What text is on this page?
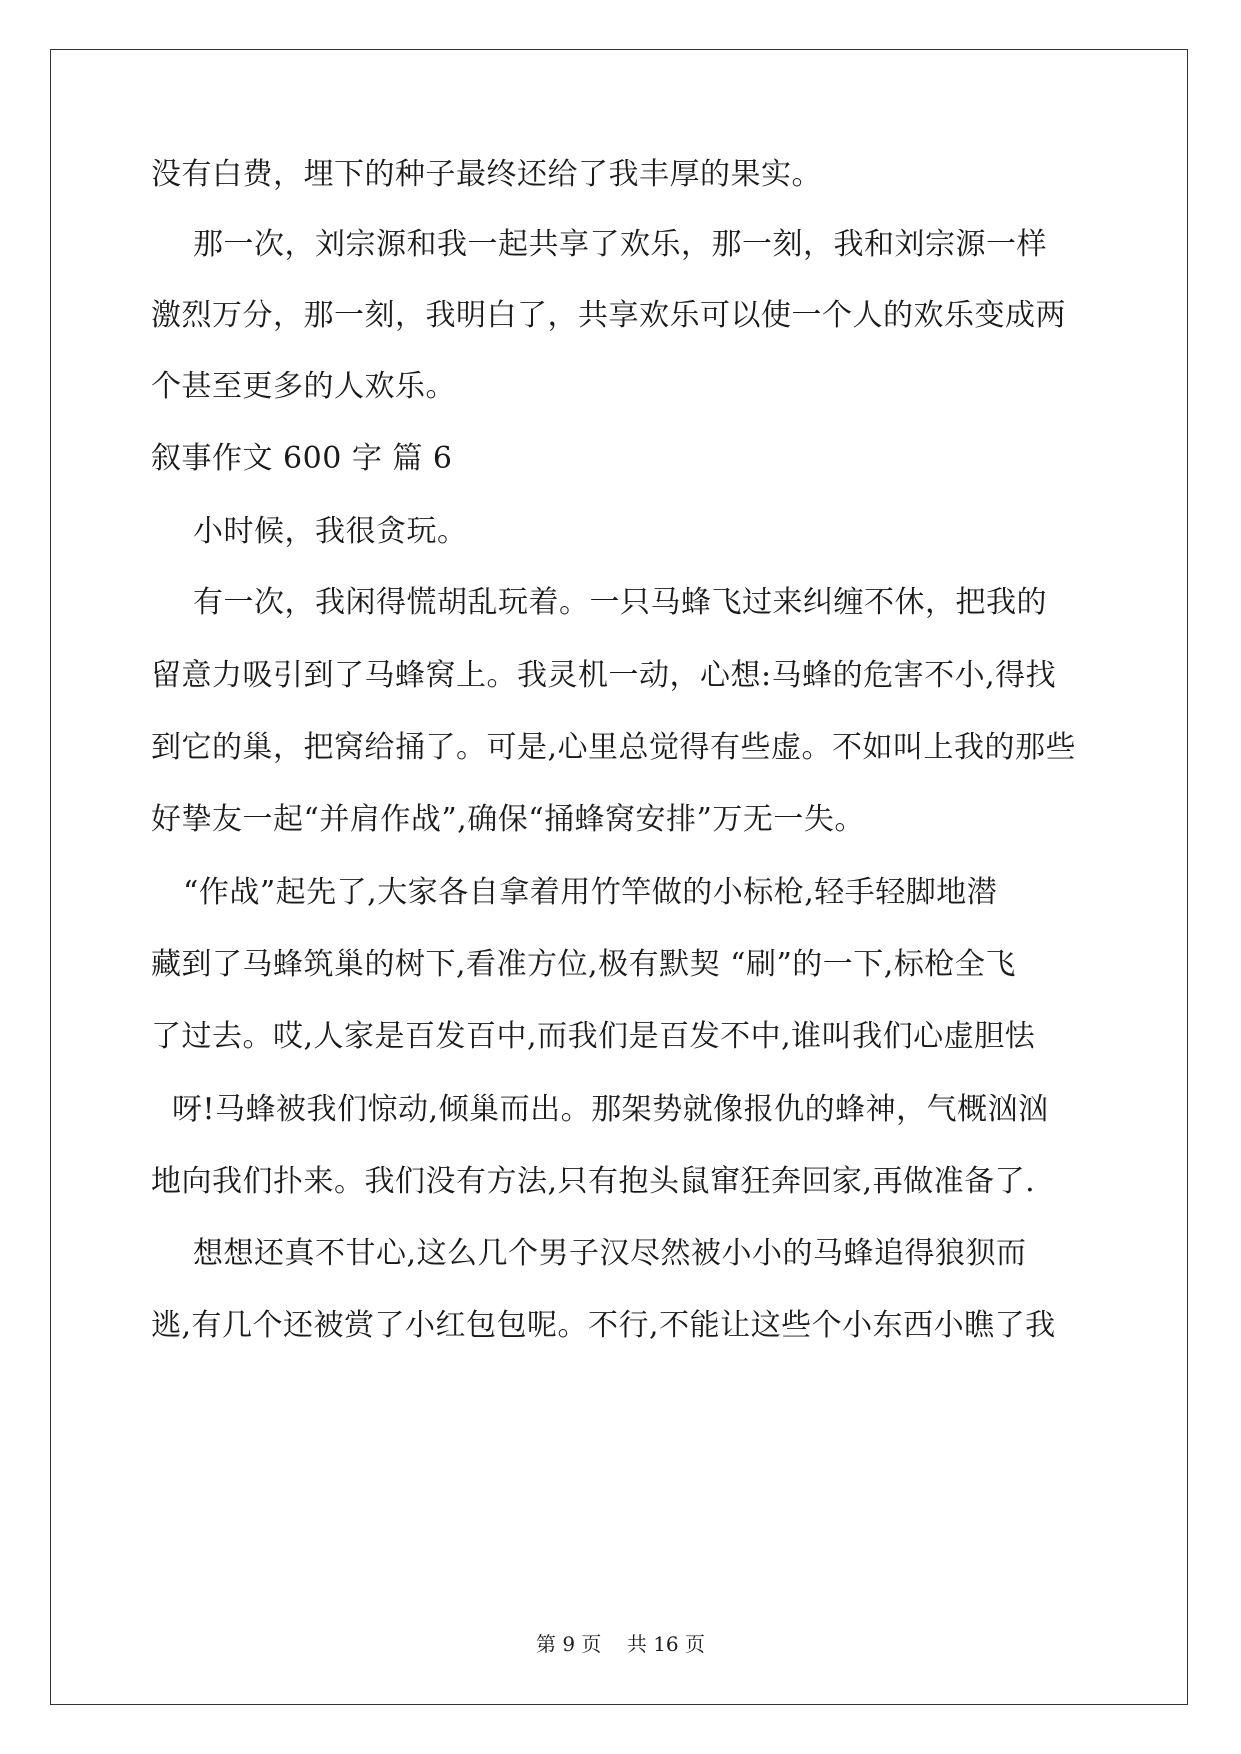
没有白费，埋下的种子最终还给了我丰厚的果实。
那一次，刘宗源和我一起共享了欢乐，那一刻，我和刘宗源一样
激烈万分，那一刻，我明白了，共享欢乐可以使一个人的欢乐变成两
个甚至更多的人欢乐。
叙事作文 600 字 篇 6
小时候，我很贪玩。
有一次，我闲得慌胡乱玩着。一只马蜂飞过来纠缠不休，把我的
留意力吸引到了马蜂窝上。我灵机一动，心想:马蜂的危害不小,得找
到它的巢，把窝给捅了。可是,心里总觉得有些虚。不如叫上我的那些
好挚友一起“并肩作战”,确保“捅蜂窝安排”万无一失。
“作战”起先了,大家各自拿着用竹竿做的小标枪,轻手轻脚地潜
藏到了马蜂筑巢的树下,看准方位,极有默契 “刷”的一下,标枪全飞
了过去。哎,人家是百发百中,而我们是百发不中,谁叫我们心虚胆怯
呀!马蜂被我们惊动,倾巢而出。那架势就像报仇的蜂神，气概汹汹
地向我们扑来。我们没有方法,只有抱头鼠窜狂奔回家,再做准备了.
想想还真不甘心,这么几个男子汉尽然被小小的马蜂追得狼狈而
逃,有几个还被赏了小红包包呢。不行,不能让这些个小东西小瞧了我
第 9 页    共 16 页
